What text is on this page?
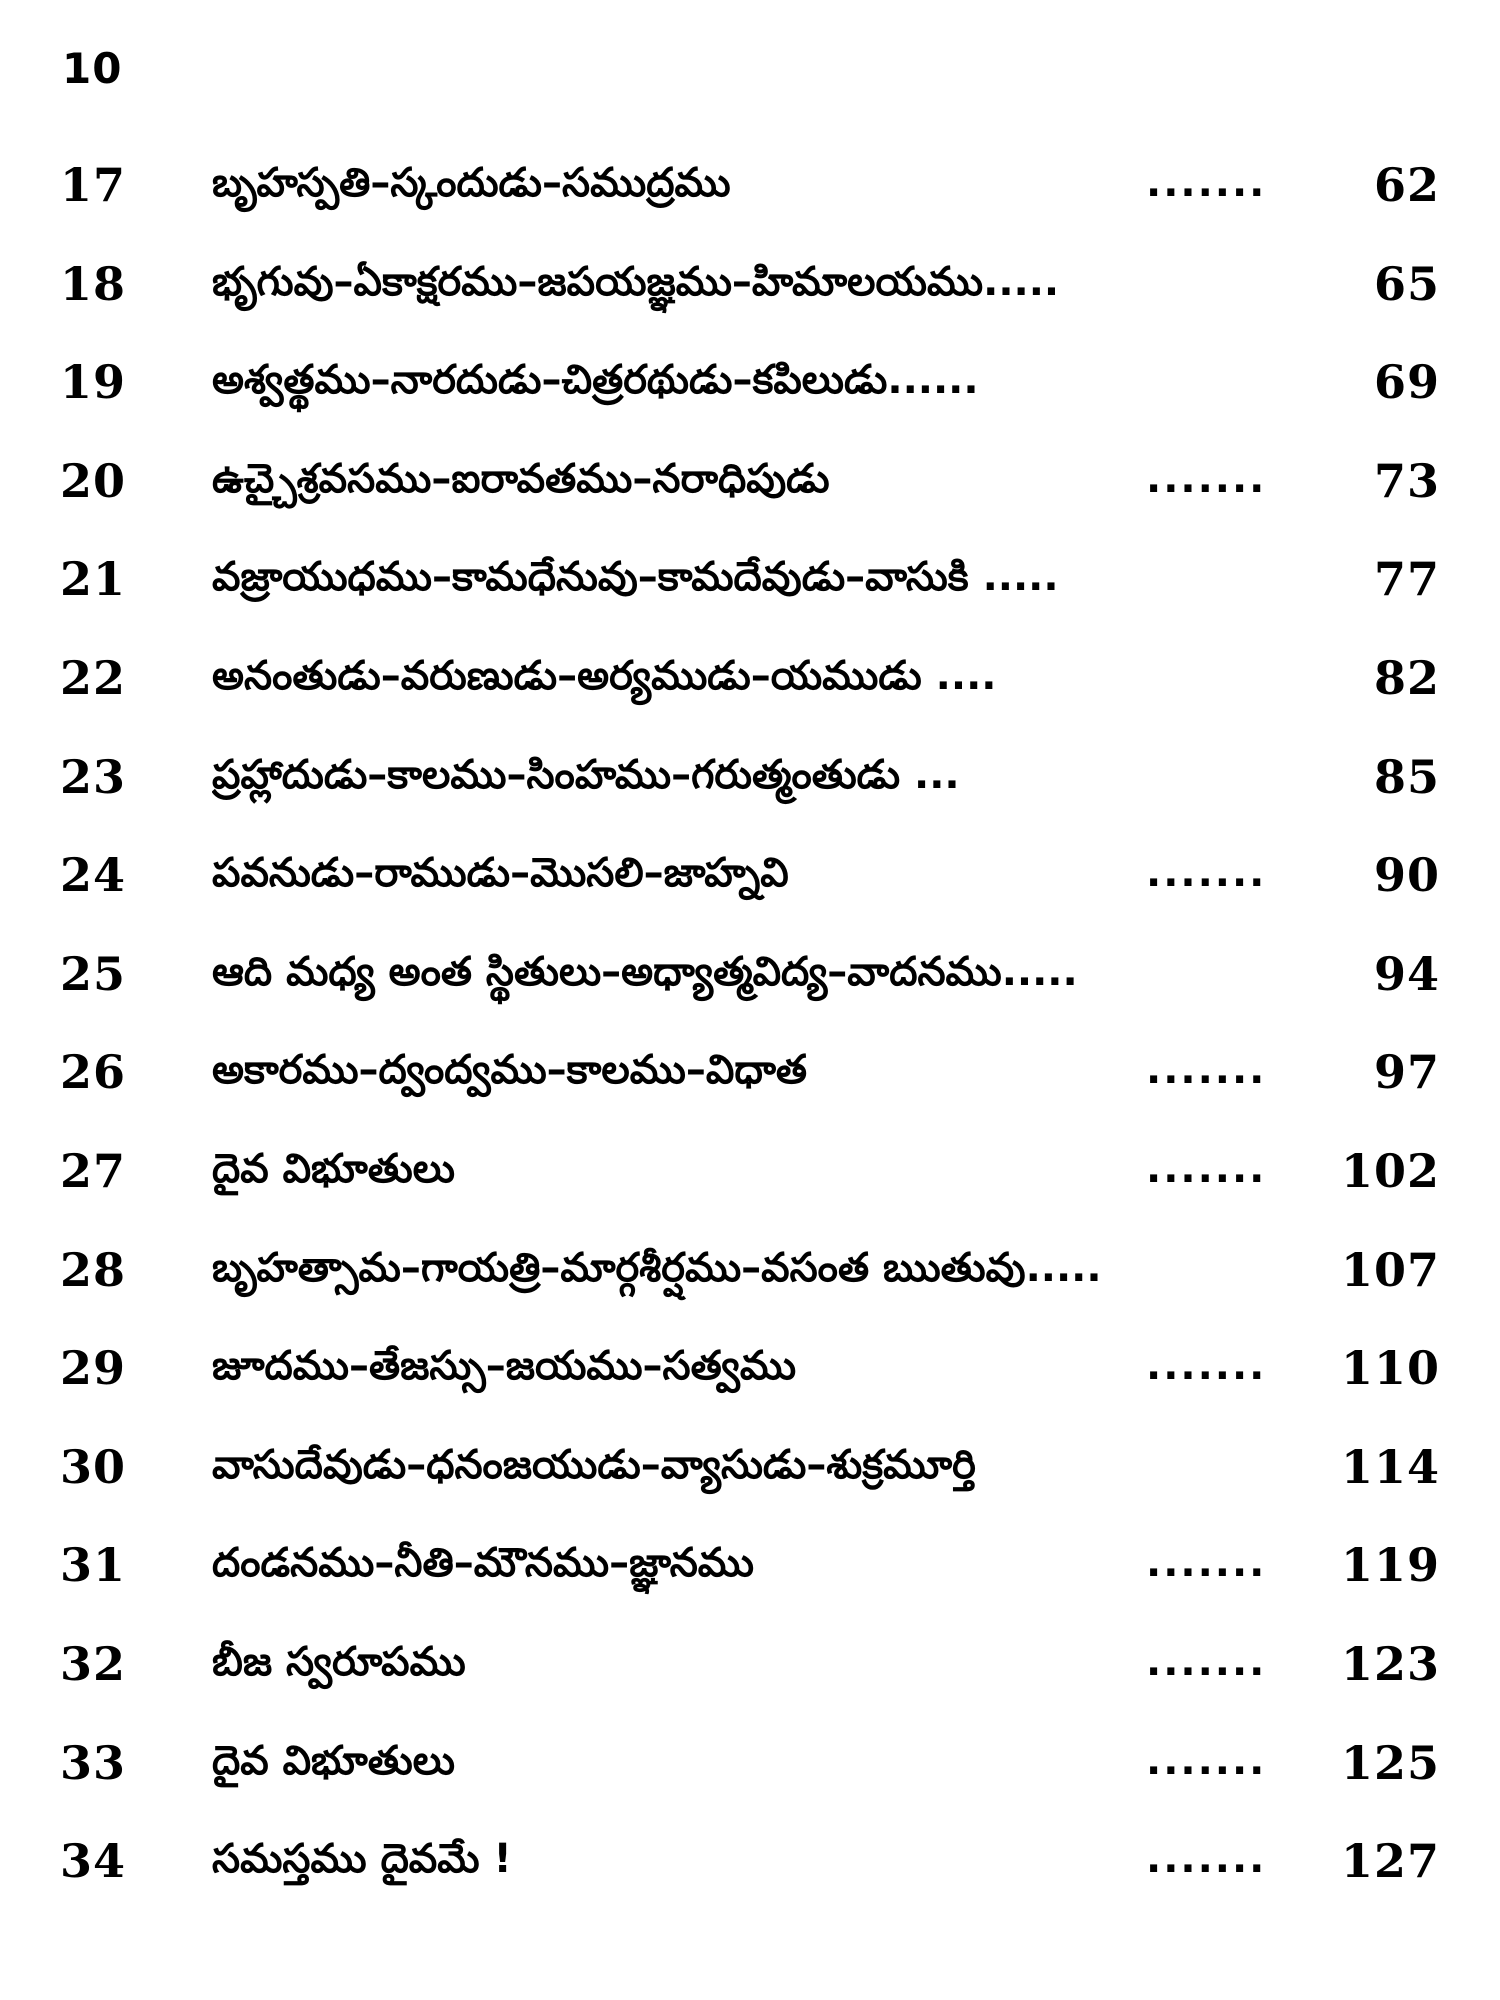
10
17	బృహస్పతి–స్కందుడు–సముద్రము	.......	62
18	భృగువు–ఏకాక్షరము–జపయజ్ఞము–హిమాలయము.....	65
19	అశ్వత్థము–నారదుడు–చిత్రరథుడు–కపిలుడు......	69
20	ఉచ్చైశ్రవసము–ఐరావతము–నరాధిపుడు	.......	73
21	వజ్రాయుధము–కామధేనువు–కామదేవుడు–వాసుకి .....	77
22	అనంతుడు–వరుణుడు–అర్యముడు–యముడు ....	82
23	ప్రహ్లాదుడు–కాలము–సింహము–గరుత్మంతుడు ...	85
24	పవనుడు–రాముడు–మొసలి–జాహ్నవి	.......	90
25	ఆది మధ్య అంత స్థితులు–అధ్యాత్మవిద్య–వాదనము.....	94
26	అకారము–ద్వంద్వము–కాలము–విధాత	.......	97
27	దైవ విభూతులు	.......	102
28	బృహత్సామ–గాయత్రి–మార్గశీర్షము–వసంత ఋతువు.....	107
29	జూదము–తేజస్సు–జయము–సత్వము	.......	110
30	వాసుదేవుడు–ధనంజయుడు–వ్యాసుడు–శుక్రమూర్తి	114
31	దండనము–నీతి–మౌనము–జ్ఞానము	.......	119
32	బీజ స్వరూపము	.......	123
33	దైవ విభూతులు	.......	125
34	సమస్తము దైవమే !	.......	127
